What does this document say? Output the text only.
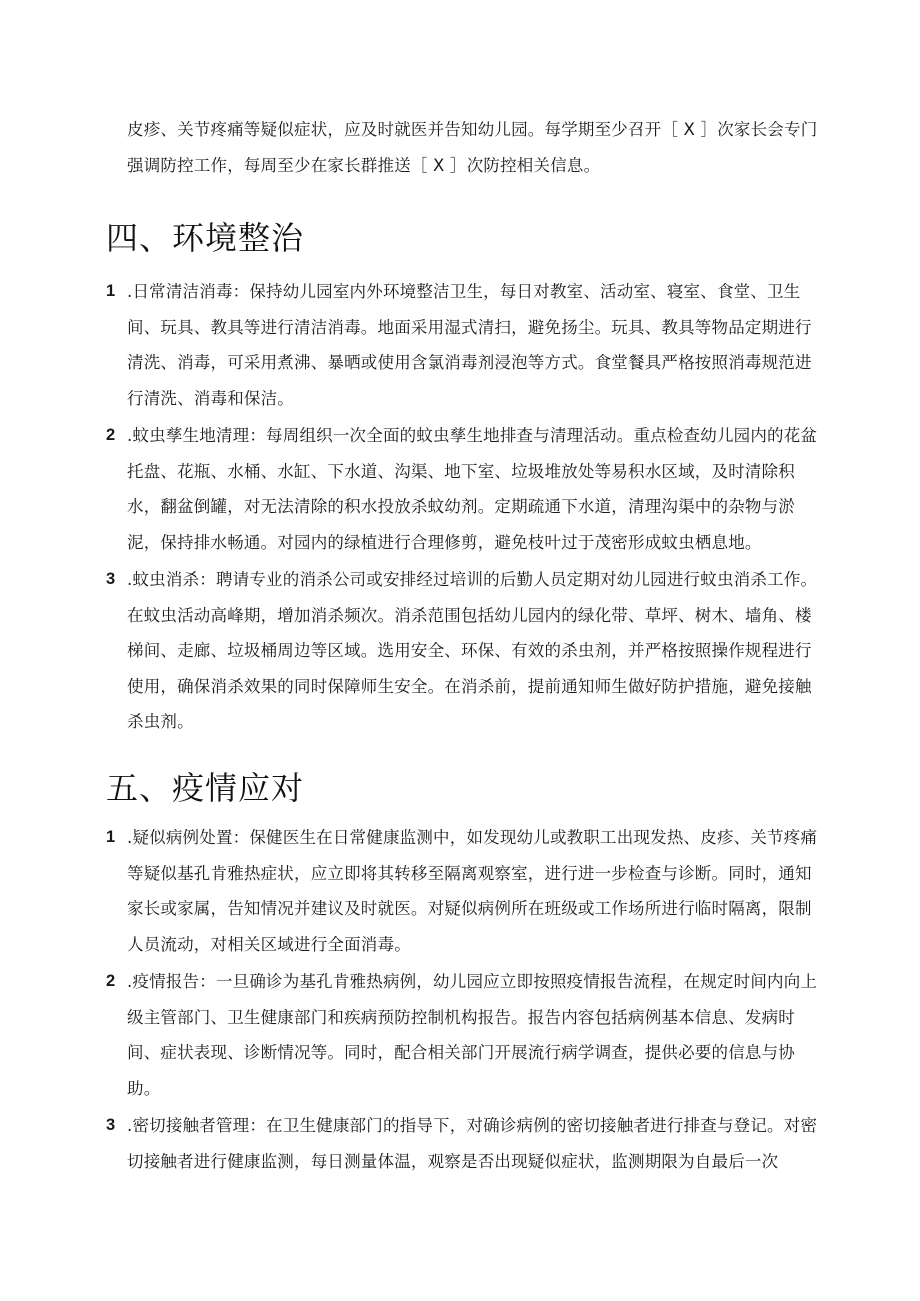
皮疹、关节疼痛等疑似症状，应及时就医并告知幼儿园。每学期至少召开［ X ］次家长会专门
强调防控工作，每周至少在家长群推送［ X ］次防控相关信息。
四、环境整治
1 .日常清洁消毒：保持幼儿园室内外环境整洁卫生，每日对教室、活动室、寝室、食堂、卫生间、玩具、教具等进行清洁消毒。地面采用湿式清扫，避免扬尘。玩具、教具等物品定期进行清洗、消毒，可采用煮沸、暴晒或使用含氯消毒剂浸泡等方式。食堂餐具严格按照消毒规范进行清洗、消毒和保洁。
2 .蚊虫孳生地清理：每周组织一次全面的蚊虫孳生地排查与清理活动。重点检查幼儿园内的花盆托盘、花瓶、水桶、水缸、下水道、沟渠、地下室、垃圾堆放处等易积水区域，及时清除积水，翻盆倒罐，对无法清除的积水投放杀蚊幼剂。定期疏通下水道，清理沟渠中的杂物与淤泥，保持排水畅通。对园内的绿植进行合理修剪，避免枝叶过于茂密形成蚊虫栖息地。
3 .蚊虫消杀：聘请专业的消杀公司或安排经过培训的后勤人员定期对幼儿园进行蚊虫消杀工作。在蚊虫活动高峰期，增加消杀频次。消杀范围包括幼儿园内的绿化带、草坪、树木、墙角、楼梯间、走廊、垃圾桶周边等区域。选用安全、环保、有效的杀虫剂，并严格按照操作规程进行使用，确保消杀效果的同时保障师生安全。在消杀前，提前通知师生做好防护措施，避免接触杀虫剂。
五、疫情应对
1 .疑似病例处置：保健医生在日常健康监测中，如发现幼儿或教职工出现发热、皮疹、关节疼痛等疑似基孔肯雅热症状，应立即将其转移至隔离观察室，进行进一步检查与诊断。同时，通知家长或家属，告知情况并建议及时就医。对疑似病例所在班级或工作场所进行临时隔离，限制人员流动，对相关区域进行全面消毒。
2 .疫情报告：一旦确诊为基孔肯雅热病例，幼儿园应立即按照疫情报告流程，在规定时间内向上级主管部门、卫生健康部门和疾病预防控制机构报告。报告内容包括病例基本信息、发病时间、症状表现、诊断情况等。同时，配合相关部门开展流行病学调查，提供必要的信息与协助。
3 .密切接触者管理：在卫生健康部门的指导下，对确诊病例的密切接触者进行排查与登记。对密切接触者进行健康监测，每日测量体温，观察是否出现疑似症状，监测期限为自最后一次
